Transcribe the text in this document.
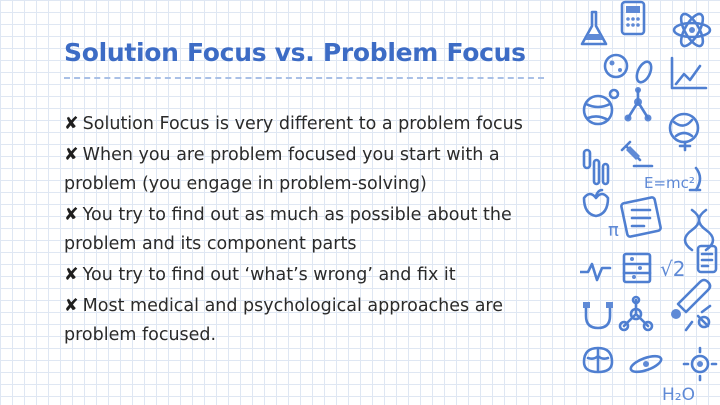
Solution Focus vs. Problem Focus
✘ Solution Focus is very different to a problem focus
✘ When you are problem focused you start with a problem (you engage in problem-solving)
✘ You try to find out as much as possible about the problem and its component parts
✘ You try to find out ‘what’s wrong’ and fix it
✘ Most medical and psychological approaches are problem focused.
E=mc²
π
√2
H₂O
